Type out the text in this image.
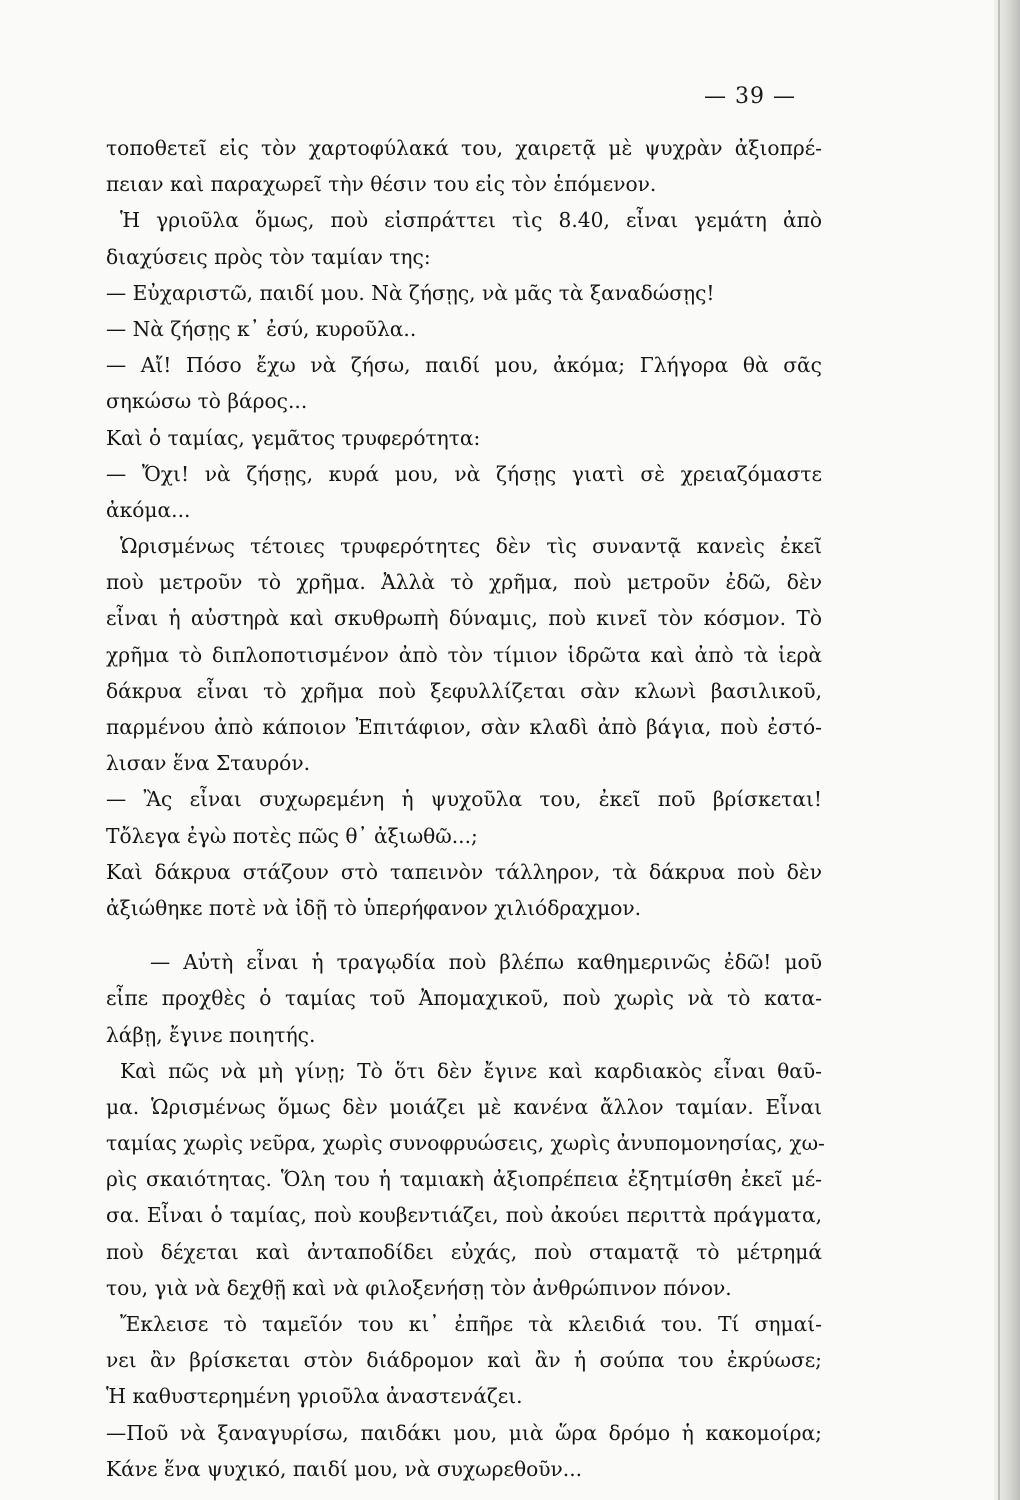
— 39 —
τοποθετεῖ εἰς τὸν χαρτοφύλακά του, χαιρετᾷ μὲ ψυχρὰν ἀξιοπρέ-
πειαν καὶ παραχωρεῖ τὴν θέσιν του εἰς τὸν ἑπόμενον.
Ἡ γριοῦλα ὅμως, ποὺ εἰσπράττει τὶς 8.40, εἶναι γεμάτη ἀπὸ
διαχύσεις πρὸς τὸν ταμίαν της:
— Εὐχαριστῶ, παιδί μου. Νὰ ζήσῃς, νὰ μᾶς τὰ ξαναδώσῃς!
— Νὰ ζήσῃς κ᾽ ἐσύ, κυροῦλα..
— Αἴ! Πόσο ἔχω νὰ ζήσω, παιδί μου, ἀκόμα; Γλήγορα θὰ σᾶς
σηκώσω τὸ βάρος...
Καὶ ὁ ταμίας, γεμᾶτος τρυφερότητα:
— Ὄχι! νὰ ζήσῃς, κυρά μου, νὰ ζήσῃς γιατὶ σὲ χρειαζόμαστε
ἀκόμα...
Ὡρισμένως τέτοιες τρυφερότητες δὲν τὶς συναντᾷ κανεὶς ἐκεῖ
ποὺ μετροῦν τὸ χρῆμα. Ἀλλὰ τὸ χρῆμα, ποὺ μετροῦν ἐδῶ, δὲν
εἶναι ἡ αὐστηρὰ καὶ σκυθρωπὴ δύναμις, ποὺ κινεῖ τὸν κόσμον. Τὸ
χρῆμα τὸ διπλοποτισμένον ἀπὸ τὸν τίμιον ἱδρῶτα καὶ ἀπὸ τὰ ἱερὰ
δάκρυα εἶναι τὸ χρῆμα ποὺ ξεφυλλίζεται σὰν κλωνὶ βασιλικοῦ,
παρμένου ἀπὸ κάποιον Ἐπιτάφιον, σὰν κλαδὶ ἀπὸ βάγια, ποὺ ἐστό-
λισαν ἕνα Σταυρόν.
— Ἂς εἶναι συχωρεμένη ἡ ψυχοῦλα του, ἐκεῖ ποῦ βρίσκεται!
Τὄλεγα ἐγὼ ποτὲς πῶς θ᾽ ἀξιωθῶ...;
Καὶ δάκρυα στάζουν στὸ ταπεινὸν τάλληρον, τὰ δάκρυα ποὺ δὲν
ἀξιώθηκε ποτὲ νὰ ἰδῇ τὸ ὑπερήφανον χιλιόδραχμον.
— Αὐτὴ εἶναι ἡ τραγῳδία ποὺ βλέπω καθημερινῶς ἐδῶ! μοῦ
εἶπε προχθὲς ὁ ταμίας τοῦ Ἀπομαχικοῦ, ποὺ χωρὶς νὰ τὸ κατα-
λάβῃ, ἔγινε ποιητής.
Καὶ πῶς νὰ μὴ γίνῃ; Τὸ ὅτι δὲν ἔγινε καὶ καρδιακὸς εἶναι θαῦ-
μα. Ὡρισμένως ὅμως δὲν μοιάζει μὲ κανένα ἄλλον ταμίαν. Εἶναι
ταμίας χωρὶς νεῦρα, χωρὶς συνοφρυώσεις, χωρὶς ἀνυπομονησίας, χω-
ρὶς σκαιότητας. Ὅλη του ἡ ταμιακὴ ἀξιοπρέπεια ἐξητμίσθη ἐκεῖ μέ-
σα. Εἶναι ὁ ταμίας, ποὺ κουβεντιάζει, ποὺ ἀκούει περιττὰ πράγματα,
ποὺ δέχεται καὶ ἀνταποδίδει εὐχάς, ποὺ σταματᾷ τὸ μέτρημά
του, γιὰ νὰ δεχθῇ καὶ νὰ φιλοξενήσῃ τὸν ἀνθρώπινον πόνον.
Ἔκλεισε τὸ ταμεῖόν του κι᾽ ἐπῆρε τὰ κλειδιά του. Τί σημαί-
νει ἂν βρίσκεται στὸν διάδρομον καὶ ἂν ἡ σούπα του ἐκρύωσε;
Ἡ καθυστερημένη γριοῦλα ἀναστενάζει.
—Ποῦ νὰ ξαναγυρίσω, παιδάκι μου, μιὰ ὥρα δρόμο ἡ κακομοίρα;
Κάνε ἕνα ψυχικό, παιδί μου, νὰ συχωρεθοῦν...
